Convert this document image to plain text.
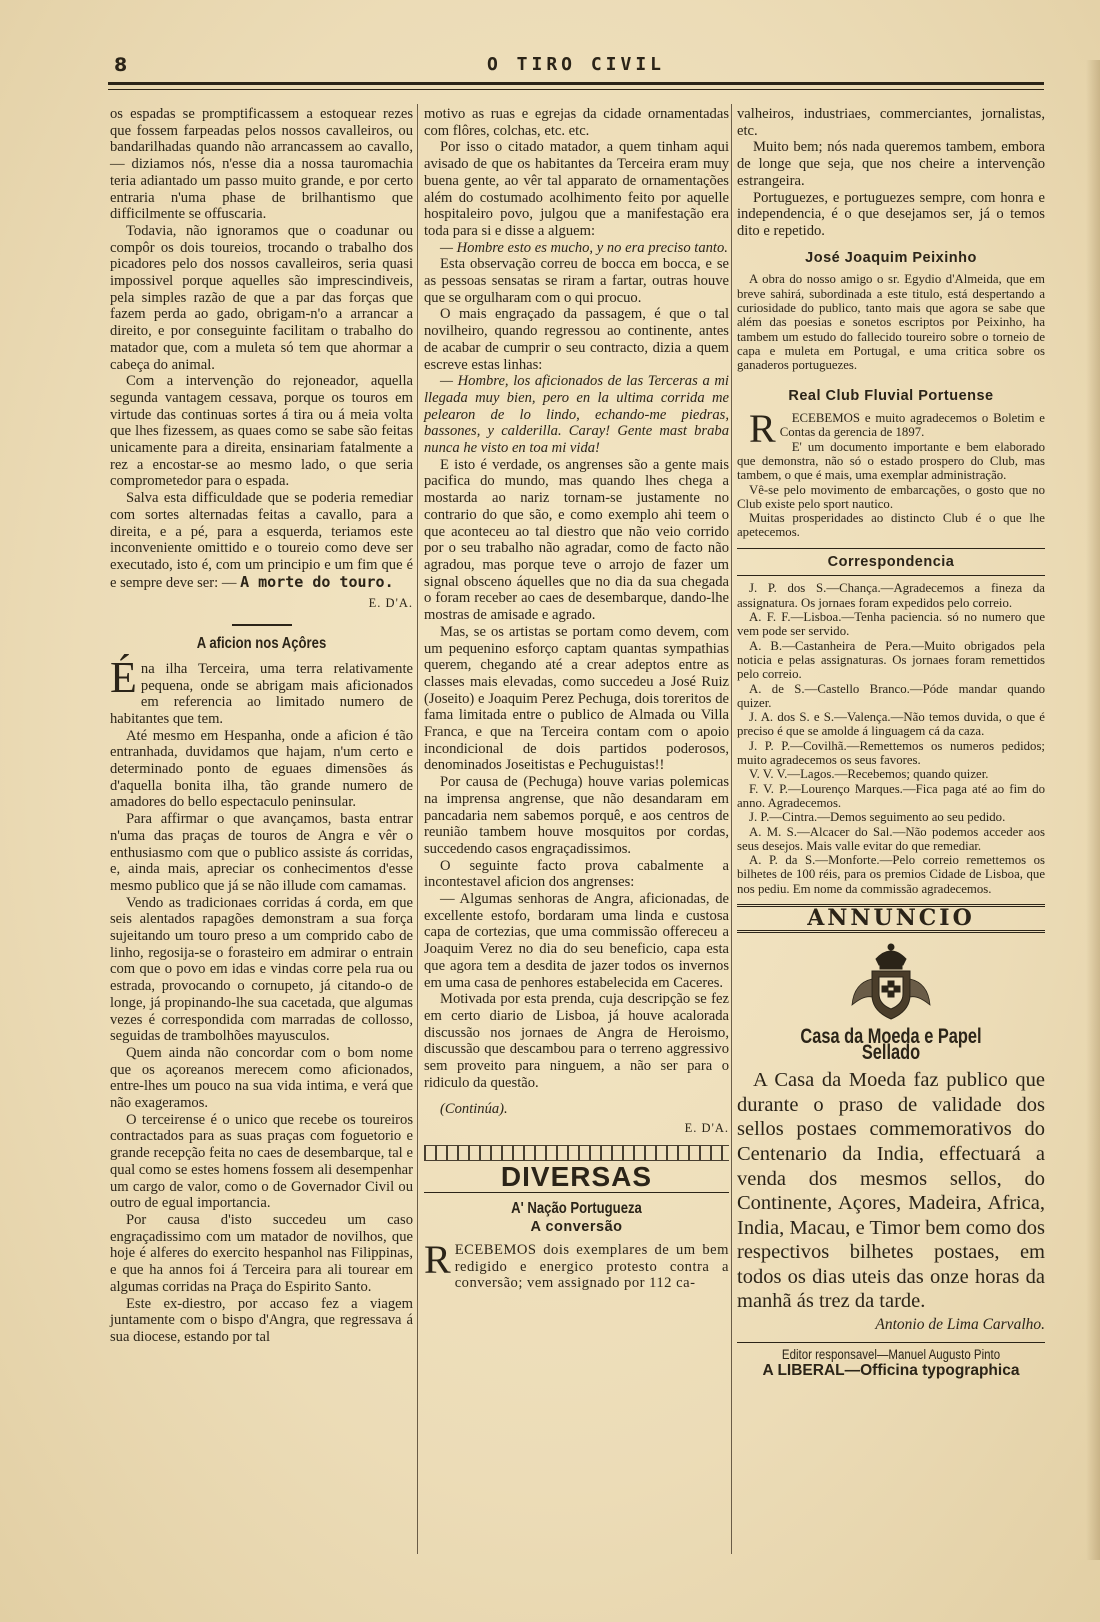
8	O TIRO CIVIL

os espadas se promptificassem a estoquear rezes que fossem farpeadas pelos nossos cavalleiros, ou bandarilhadas quando não arrancassem ao cavallo, — diziamos nós, n'esse dia a nossa tauromachia teria adiantado um passo muito grande, e por certo entraria n'uma phase de brilhantismo que difficilmente se offuscaria.

Todavia, não ignoramos que o coadunar ou compôr os dois toureios, trocando o trabalho dos picadores pelo dos nossos cavalleiros, seria quasi impossivel porque aquelles são imprescindiveis, pela simples razão de que a par das forças que fazem perda ao gado, obrigam-n'o a arrancar a direito, e por conseguinte facilitam o trabalho do matador que, com a muleta só tem que ahormar a cabeça do animal.

Com a intervenção do rejoneador, aquella segunda vantagem cessava, porque os touros em virtude das continuas sortes á tira ou á meia volta que lhes fizessem, as quaes como se sabe são feitas unicamente para a direita, ensinariam fatalmente a rez a encostar-se ao mesmo lado, o que seria comprometedor para o espada.

Salva esta difficuldade que se poderia remediar com sortes alternadas feitas a cavallo, para a direita, e a pé, para a esquerda, teriamos este inconveniente omittido e o toureio como deve ser executado, isto é, com um principio e um fim que é e sempre deve ser: — A morte do touro.

E. D'A.
A aficion nos Açôres

Éna ilha Terceira, uma terra relativamente pequena, onde se abrigam mais aficionados em referencia ao limitado numero de habitantes que tem.

Até mesmo em Hespanha, onde a aficion é tão entranhada, duvidamos que hajam, n'um certo e determinado ponto de eguaes dimensões ás d'aquella bonita ilha, tão grande numero de amadores do bello espectaculo peninsular.

Para affirmar o que avançamos, basta entrar n'uma das praças de touros de Angra e vêr o enthusiasmo com que o publico assiste ás corridas, e, ainda mais, apreciar os conhecimentos d'esse mesmo publico que já se não illude com camamas.

Vendo as tradicionaes corridas á corda, em que seis alentados rapagões demonstram a sua força sujeitando um touro preso a um comprido cabo de linho, regosija-se o forasteiro em admirar o entrain com que o povo em idas e vindas corre pela rua ou estrada, provocando o cornupeto, já citando-o de longe, já propinando-lhe sua cacetada, que algumas vezes é correspondida com marradas de collosso, seguidas de trambolhões mayusculos.

Quem ainda não concordar com o bom nome que os açoreanos merecem como aficionados, entre-lhes um pouco na sua vida intima, e verá que não exageramos.

O terceirense é o unico que recebe os toureiros contractados para as suas praças com foguetorio e grande recepção feita no caes de desembarque, tal e qual como se estes homens fossem ali desempenhar um cargo de valor, como o de Governador Civil ou outro de egual importancia.

Por causa d'isto succedeu um caso engraçadissimo com um matador de novilhos, que hoje é alferes do exercito hespanhol nas Filippinas, e que ha annos foi á Terceira para ali tourear em algumas corridas na Praça do Espirito Santo.

Este ex-diestro, por accaso fez a viagem juntamente com o bispo d'Angra, que regressava á sua diocese, estando por tal

motivo as ruas e egrejas da cidade ornamentadas com flôres, colchas, etc. etc.

Por isso o citado matador, a quem tinham aqui avisado de que os habitantes da Terceira eram muy buena gente, ao vêr tal apparato de ornamentações além do costumado acolhimento feito por aquelle hospitaleiro povo, julgou que a manifestação era toda para si e disse a alguem:

— Hombre esto es mucho, y no era preciso tanto.

Esta observação correu de bocca em bocca, e se as pessoas sensatas se riram a fartar, outras houve que se orgulharam com o qui procuo.

O mais engraçado da passagem, é que o tal novilheiro, quando regressou ao continente, antes de acabar de cumprir o seu contracto, dizia a quem escreve estas linhas:

— Hombre, los aficionados de las Terceras a mi llegada muy bien, pero en la ultima corrida me pelearon de lo lindo, echando-me piedras, bassones, y calderilla. Caray! Gente mast braba nunca he visto en toa mi vida!

E isto é verdade, os angrenses são a gente mais pacifica do mundo, mas quando lhes chega a mostarda ao nariz tornam-se justamente no contrario do que são, e como exemplo ahi teem o que aconteceu ao tal diestro que não veio corrido por o seu trabalho não agradar, como de facto não agradou, mas porque teve o arrojo de fazer um signal obsceno áquelles que no dia da sua chegada o foram receber ao caes de desembarque, dando-lhe mostras de amisade e agrado.

Mas, se os artistas se portam como devem, com um pequenino esforço captam quantas sympathias querem, chegando até a crear adeptos entre as classes mais elevadas, como succedeu a José Ruiz (Joseito) e Joaquim Perez Pechuga, dois toreritos de fama limitada entre o publico de Almada ou Villa Franca, e que na Terceira contam com o apoio incondicional de dois partidos poderosos, denominados Joseitistas e Pechuguistas!!

Por causa de (Pechuga) houve varias polemicas na imprensa angrense, que não desandaram em pancadaria nem sabemos porquê, e aos centros de reunião tambem houve mosquitos por cordas, succedendo casos engraçadissimos.

O seguinte facto prova cabalmente a incontestavel aficion dos angrenses:

— Algumas senhoras de Angra, aficionadas, de excellente estofo, bordaram uma linda e custosa capa de cortezias, que uma commissão offereceu a Joaquim Verez no dia do seu beneficio, capa esta que agora tem a desdita de jazer todos os invernos em uma casa de penhores estabelecida em Caceres.

Motivada por esta prenda, cuja descripção se fez em certo diario de Lisboa, já houve acalorada discussão nos jornaes de Angra de Heroismo, discussão que descambou para o terreno aggressivo sem proveito para ninguem, a não ser para o ridiculo da questão.

(Continúa).
E. D'A.
DIVERSAS
A' Nação Portugueza
A conversão

RECEBEMOS dois exemplares de um bem redigido e energico protesto contra a conversão; vem assignado por 112 ca-

valheiros, industriaes, commerciantes, jornalistas, etc.

Muito bem; nós nada queremos tambem, embora de longe que seja, que nos cheire a intervenção estrangeira.

Portuguezes, e portuguezes sempre, com honra e independencia, é o que desejamos ser, já o temos dito e repetido.

José Joaquim Peixinho

A obra do nosso amigo o sr. Egydio d'Almeida, que em breve sahirá, subordinada a este titulo, está despertando a curiosidade do publico, tanto mais que agora se sabe que além das poesias e sonetos escriptos por Peixinho, ha tambem um estudo do fallecido toureiro sobre o torneio de capa e muleta em Portugal, e uma critica sobre os ganaderos portuguezes.

Real Club Fluvial Portuense

R	ECEBEMOS e muito agradecemos o Boletim e Contas da gerencia de 1897.

E' um documento importante e bem elaborado que demonstra, não só o estado prospero do Club, mas tambem, o que é mais, uma exemplar administração.

Vê-se pelo movimento de embarcações, o gosto que no Club existe pelo sport nautico.

Muitas prosperidades ao distincto Club é o que lhe apetecemos.

Correspondencia

J. P. dos S.—Chança.—Agradecemos a fineza da assignatura. Os jornaes foram expedidos pelo correio.

A. F. F.—Lisboa.—Tenha paciencia. só no numero que vem pode ser servido.

A. B.—Castanheira de Pera.—Muito obrigados pela noticia e pelas assignaturas. Os jornaes foram remettidos pelo correio.

A. de S.—Castello Branco.—Póde mandar quando quizer.

J. A. dos S. e S.—Valença.—Não temos duvida, o que é preciso é que se amolde á linguagem cá da caza.

J. P. P.—Covilhã.—Remettemos os numeros pedidos; muito agradecemos os seus favores.

V. V. V.—Lagos.—Recebemos; quando quizer.

F. V. P.—Lourenço Marques.—Fica paga até ao fim do anno. Agradecemos.

J. P.—Cintra.—Demos seguimento ao seu pedido.

A. M. S.—Alcacer do Sal.—Não podemos acceder aos seus desejos. Mais valle evitar do que remediar.

A. P. da S.—Monforte.—Pelo correio remettemos os bilhetes de 100 réis, para os premios Cidade de Lisboa, que nos pediu. Em nome da commissão agradecemos.

ANNUNCIO
Casa da Moeda e Papel Sellado

A Casa da Moeda faz publico que durante o praso de validade dos sellos postaes commemorativos do Centenario da India, effectuará a venda dos mesmos sellos, do Continente, Açores, Madeira, Africa, India, Macau, e Timor bem como dos respectivos bilhetes postaes, em todos os dias uteis das onze horas da manhã ás trez da tarde.

Antonio de Lima Carvalho.
Editor responsavel—Manuel Augusto Pinto
A LIBERAL—Officina typographica
